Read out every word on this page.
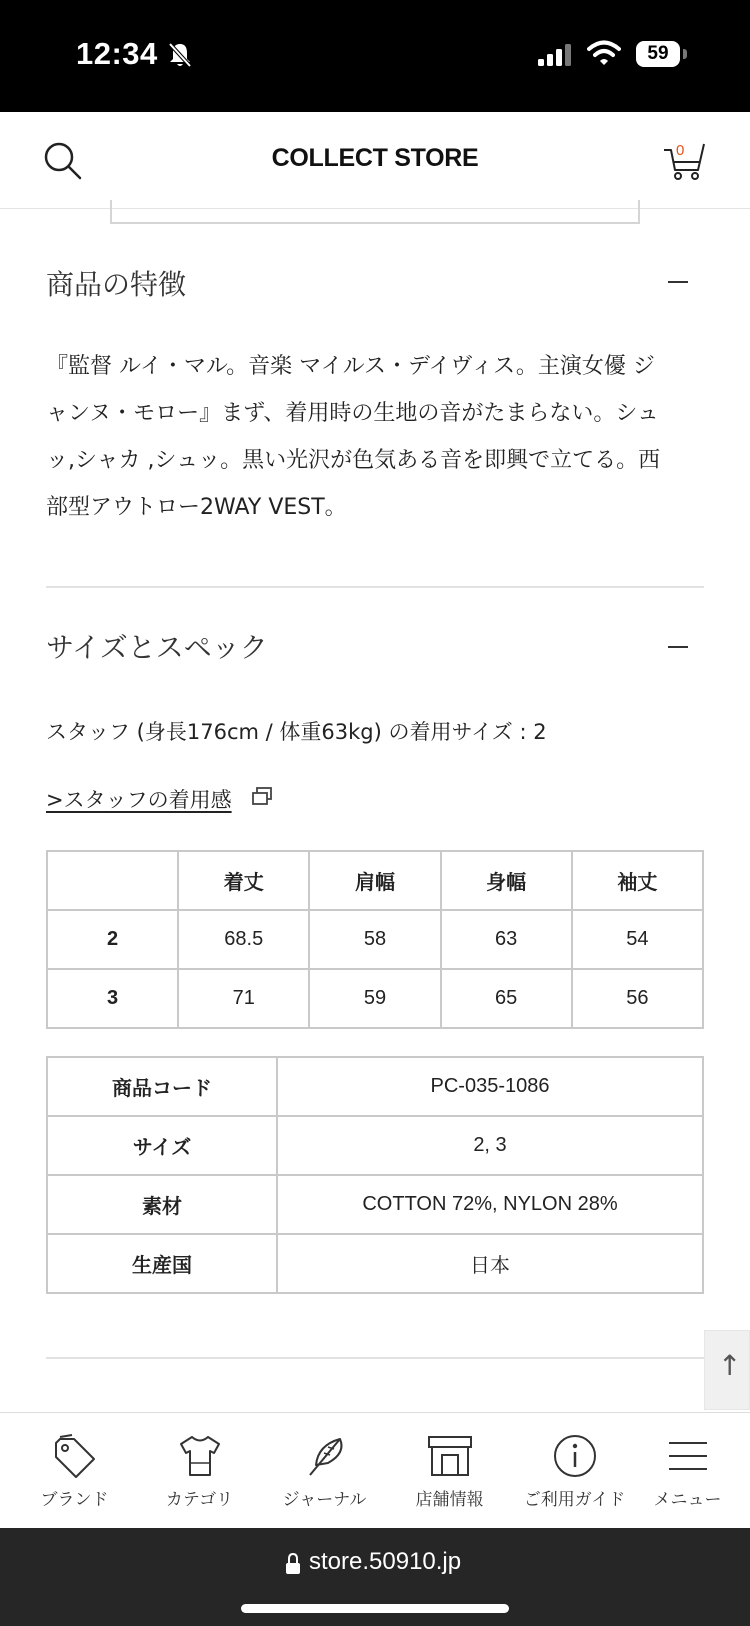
12:34	59
COLLECT STORE	0
商品の特徴
『監督 ルイ・マル。音楽 マイルス・デイヴィス。主演女優 ジ
ャンヌ・モロー』まず、着用時の生地の音がたまらない。シュ
ッ,シャカ ,シュッ。黒い光沢が色気ある音を即興で立てる。西
部型アウトロー2WAY VEST。
サイズとスペック
スタッフ (身長176cm / 体重63kg) の着用サイズ : 2
>スタッフの着用感
	着丈	肩幅	身幅	袖丈
2	68.5	58	63	54
3	71	59	65	56
商品コード	PC-035-1086
サイズ	2, 3
素材	COTTON 72%, NYLON 28%
生産国	日本
↑
ブランド	カテゴリ	ジャーナル	店舗情報	ご利用ガイド	メニュー
store.50910.jp
